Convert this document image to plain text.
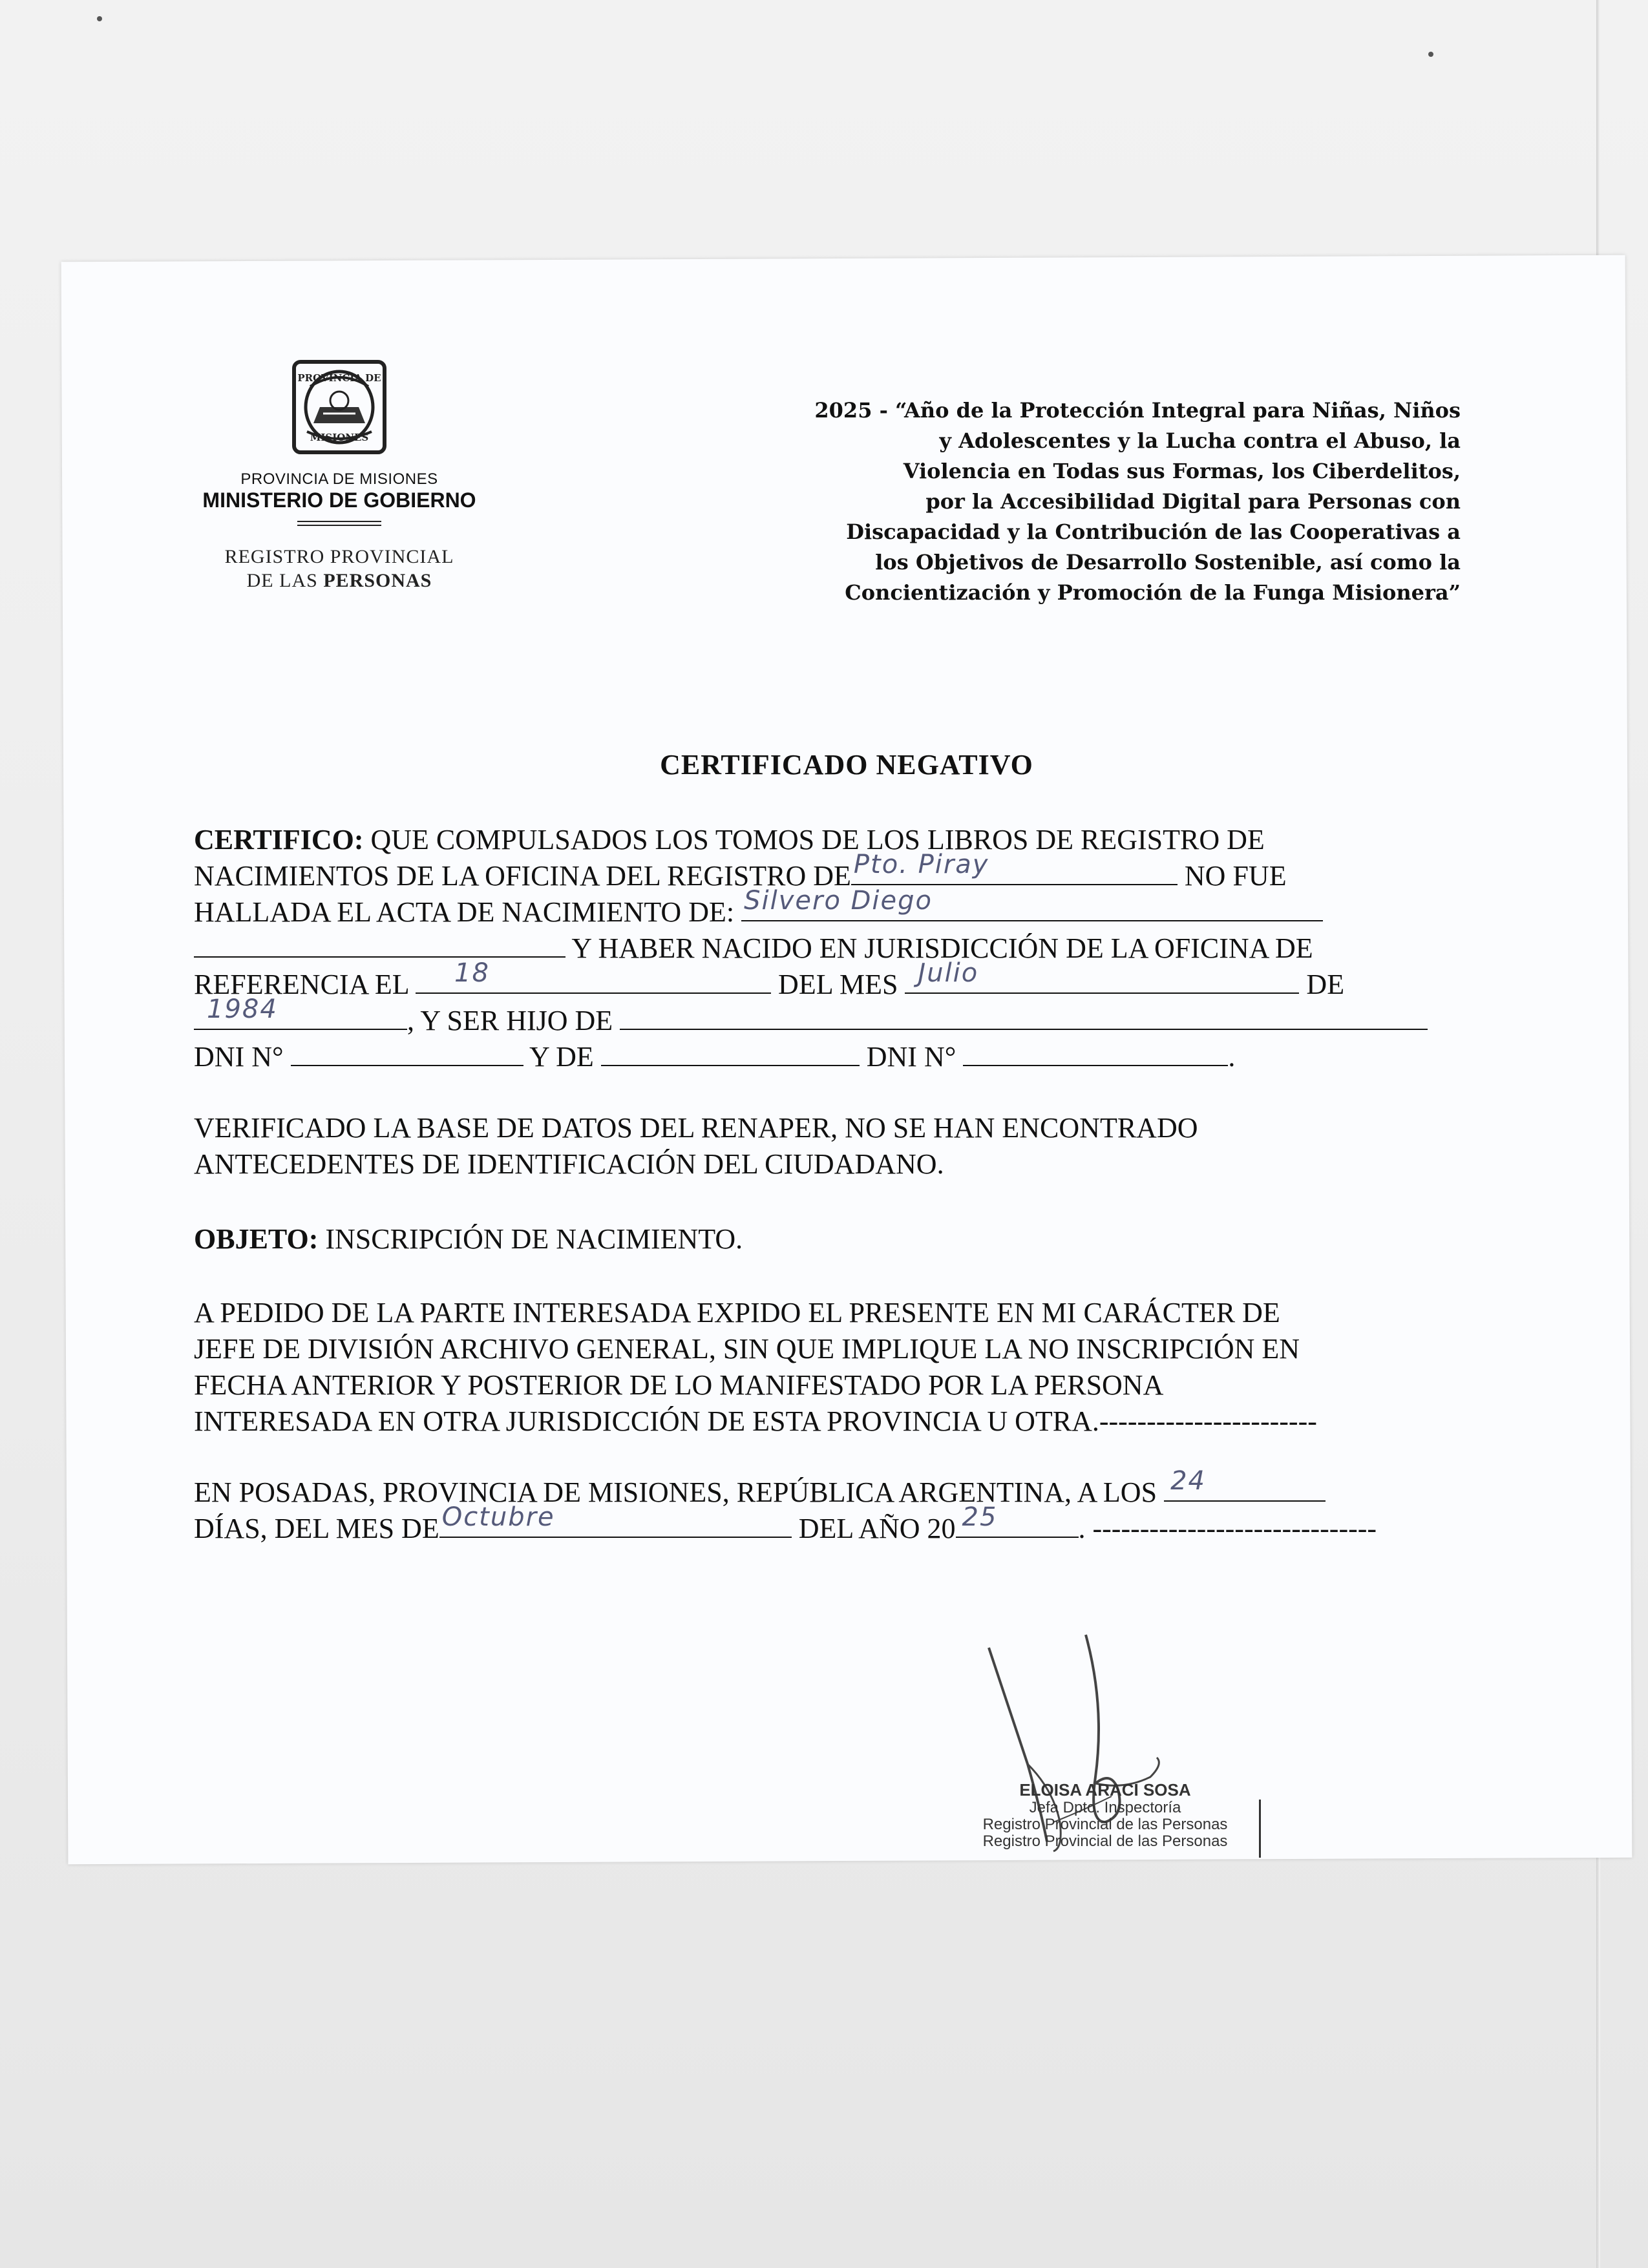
PROVINCIA DE
MISIONES
PROVINCIA DE MISIONES
MINISTERIO DE GOBIERNO
REGISTRO PROVINCIAL
DE LAS PERSONAS
2025 - “Año de la Protección Integral para Niñas, Niños
y Adolescentes y la Lucha contra el Abuso, la
Violencia en Todas sus Formas, los Ciberdelitos,
por la Accesibilidad Digital para Personas con
Discapacidad y la Contribución de las Cooperativas a
los Objetivos de Desarrollo Sostenible, así como la
Concientización y Promoción de la Funga Misionera”
CERTIFICADO NEGATIVO
CERTIFICO: QUE COMPULSADOS LOS TOMOS DE LOS LIBROS DE REGISTRO DE
NACIMIENTOS DE LA OFICINA DEL REGISTRO DE Pto. Piray	NO FUE
HALLADA EL ACTA DE NACIMIENTO DE: Silvero Diego
Y HABER NACIDO EN JURISDICCIÓN DE LA OFICINA DE
REFERENCIA EL 18	DEL MES Julio	DE
1984	, Y SER HIJO DE
DNI N°	Y DE	DNI N°	.
VERIFICADO LA BASE DE DATOS DEL RENAPER, NO SE HAN ENCONTRADO
ANTECEDENTES DE IDENTIFICACIÓN DEL CIUDADANO.
OBJETO: INSCRIPCIÓN DE NACIMIENTO.
A PEDIDO DE LA PARTE INTERESADA EXPIDO EL PRESENTE EN MI CARÁCTER DE
JEFE DE DIVISIÓN ARCHIVO GENERAL, SIN QUE IMPLIQUE LA NO INSCRIPCIÓN EN
FECHA ANTERIOR Y POSTERIOR DE LO MANIFESTADO POR LA PERSONA
INTERESADA EN OTRA JURISDICCIÓN DE ESTA PROVINCIA U OTRA.-----------------------
EN POSADAS, PROVINCIA DE MISIONES, REPÚBLICA ARGENTINA, A LOS 24
DÍAS, DEL MES DE Octubre	DEL AÑO 20 25	. ------------------------------
ELOISA ARACI SOSA
Jefa Dpto. Inspectoría
Registro Provincial de las Personas
Registro Provincial de las Personas
